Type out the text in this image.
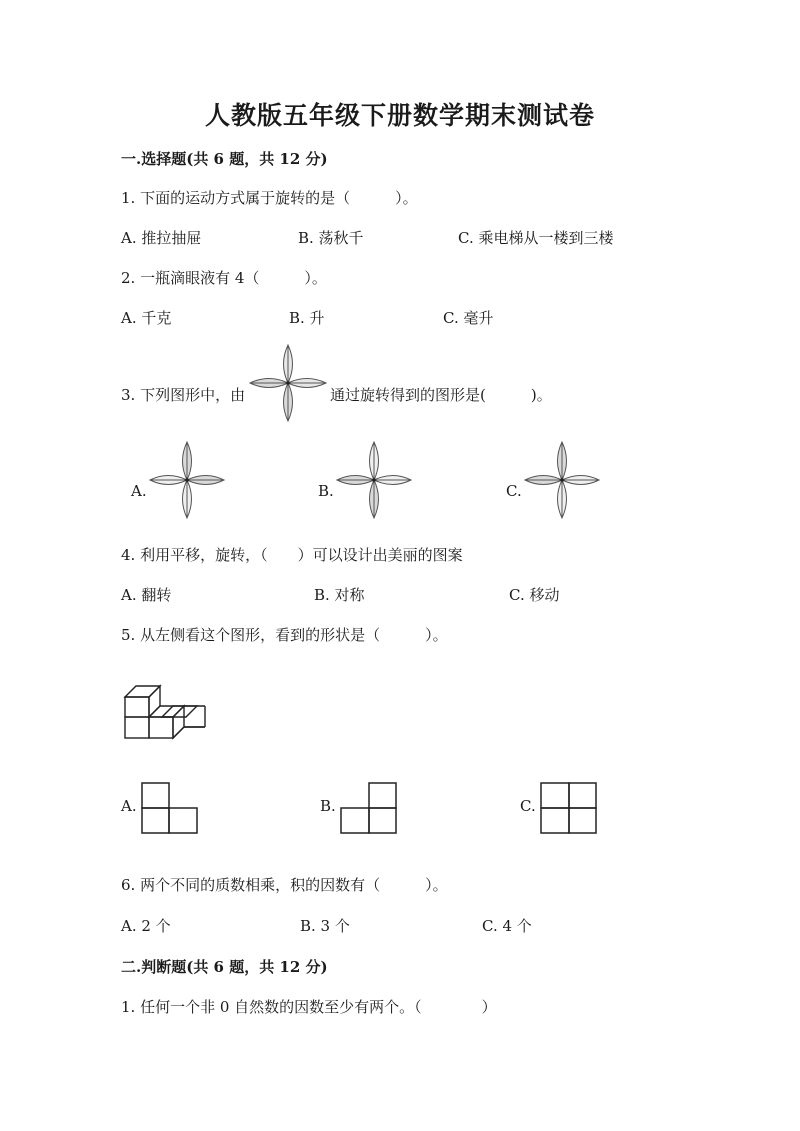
人教版五年级下册数学期末测试卷
一.选择题(共 6 题，共 12 分)
1. 下面的运动方式属于旋转的是（　　　）。
A. 推拉抽屉	B. 荡秋千	C. 乘电梯从一楼到三楼
2. 一瓶滴眼液有 4（　　　）。
A. 千克	B. 升	C. 毫升
3. 下列图形中，由	通过旋转得到的图形是(　　　)。
A.	B.	C.
4. 利用平移，旋转，（　　）可以设计出美丽的图案
A. 翻转	B. 对称	C. 移动
5. 从左侧看这个图形，看到的形状是（　　　）。
A.	B.	C.
6. 两个不同的质数相乘，积的因数有（　　　）。
A. 2 个	B. 3 个	C. 4 个
二.判断题(共 6 题，共 12 分)
1. 任何一个非 0 自然数的因数至少有两个。（　　　　）
